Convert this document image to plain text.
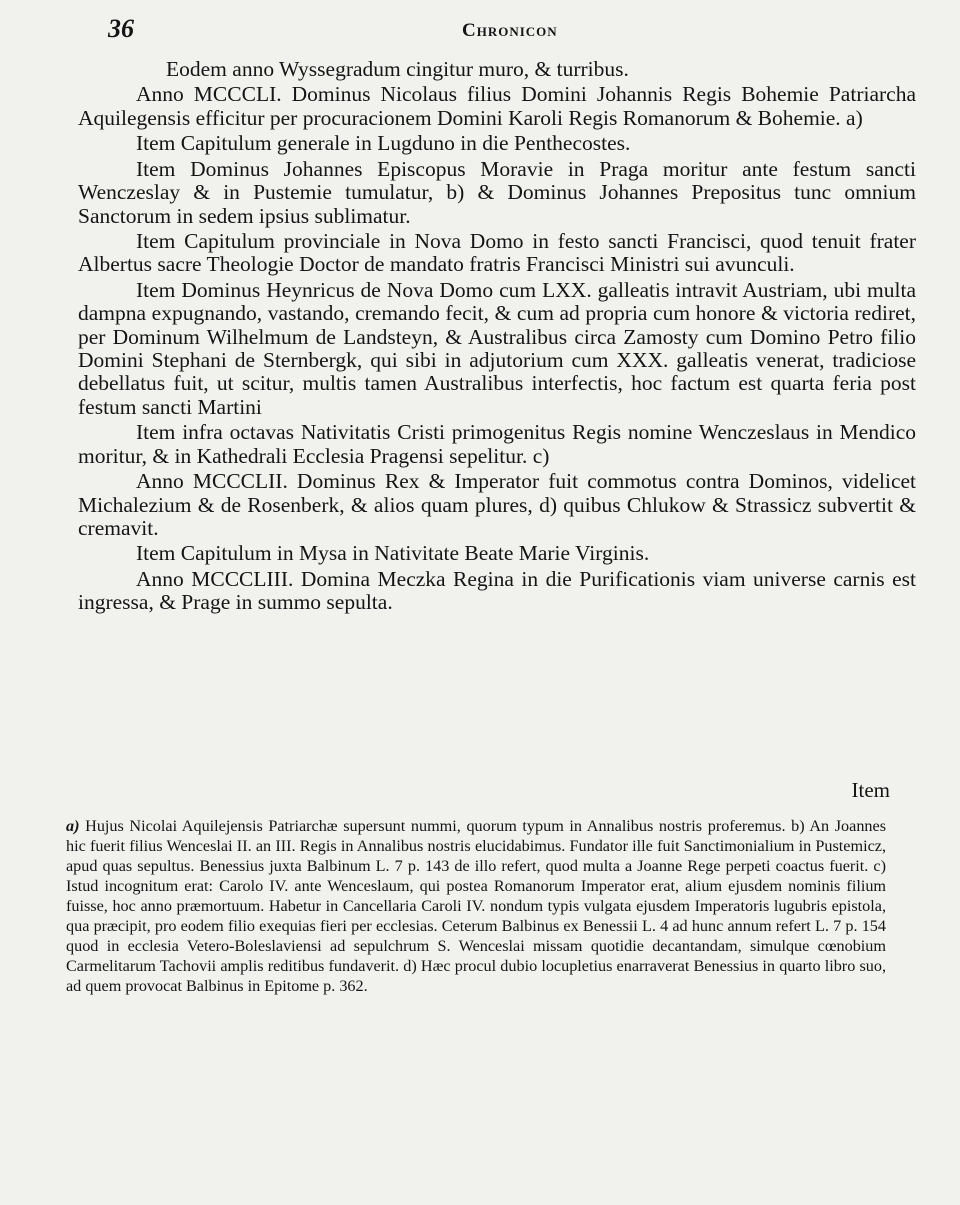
36	Chronicon

Eodem anno Wyssegradum cingitur muro, & turribus.

Anno MCCCLI. Dominus Nicolaus filius Domini Johannis Regis Bohemie Patriarcha Aquilegensis efficitur per procuracionem Domini Karoli Regis Romanorum & Bohemie. a)

Item Capitulum generale in Lugduno in die Penthecostes.

Item Dominus Johannes Episcopus Moravie in Praga moritur ante festum sancti Wenczeslay & in Pustemie tumulatur, b) & Dominus Johannes Prepositus tunc omnium Sanctorum in sedem ipsius sublimatur.

Item Capitulum provinciale in Nova Domo in festo sancti Francisci, quod tenuit frater Albertus sacre Theologie Doctor de mandato fratris Francisci Ministri sui avunculi.

Item Dominus Heynricus de Nova Domo cum LXX. galleatis intravit Austriam, ubi multa dampna expugnando, vastando, cremando fecit, & cum ad propria cum honore & victoria rediret, per Dominum Wilhelmum de Landsteyn, & Australibus circa Zamosty cum Domino Petro filio Domini Stephani de Sternbergk, qui sibi in adjutorium cum XXX. galleatis venerat, tradiciose debellatus fuit, ut scitur, multis tamen Australibus interfectis, hoc factum est quarta feria post festum sancti Martini

Item infra octavas Nativitatis Cristi primogenitus Regis nomine Wenczeslaus in Mendico moritur, & in Kathedrali Ecclesia Pragensi sepelitur. c)

Anno MCCCLII. Dominus Rex & Imperator fuit commotus contra Dominos, videlicet Michalezium & de Rosenberk, & alios quam plures, d) quibus Chlukow & Strassicz subvertit & cremavit.

Item Capitulum in Mysa in Nativitate Beate Marie Virginis.

Anno MCCCLIII. Domina Meczka Regina in die Purificationis viam universe carnis est ingressa, & Prage in summo sepulta.

Item
a) Hujus Nicolai Aquilejensis Patriarchæ supersunt nummi, quorum typum in Annalibus nostris proferemus. b) An Joannes hic fuerit filius Wenceslai II. an III. Regis in Annalibus nostris elucidabimus. Fundator ille fuit Sanctimonialium in Pustemicz, apud quas sepultus. Benessius juxta Balbinum L. 7 p. 143 de illo refert, quod multa a Joanne Rege perpeti coactus fuerit. c) Istud incognitum erat: Carolo IV. ante Wenceslaum, qui postea Romanorum Imperator erat, alium ejusdem nominis filium fuisse, hoc anno præmortuum. Habetur in Cancellaria Caroli IV. nondum typis vulgata ejusdem Imperatoris lugubris epistola, qua præcipit, pro eodem filio exequias fieri per ecclesias. Ceterum Balbinus ex Benessii L. 4 ad hunc annum refert L. 7 p. 154 quod in ecclesia Vetero-Boleslaviensi ad sepulchrum S. Wenceslai missam quotidie decantandam, simulque cœnobium Carmelitarum Tachovii amplis reditibus fundaverit. d) Hæc procul dubio locupletius enarraverat Benessius in quarto libro suo, ad quem provocat Balbinus in Epitome p. 362.
